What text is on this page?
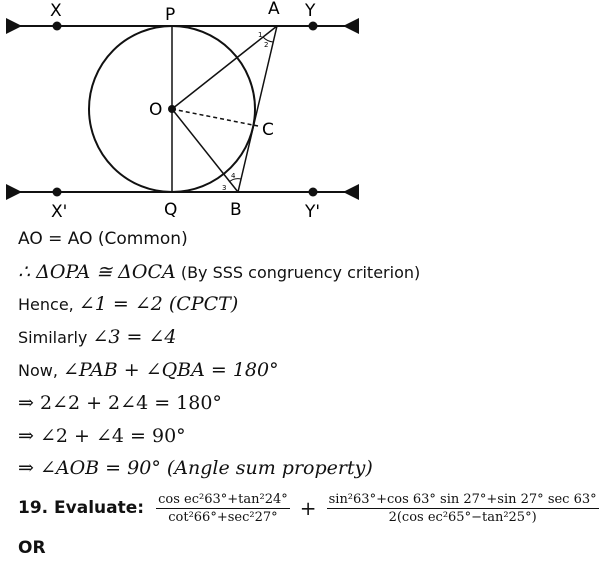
X	P	A Y
O
C
X'	Q	B	Y'
1
2
3
4
AO = AO (Common)
∴ ΔOPA ≅ ΔOCA (By SSS congruency criterion)
Hence, ∠1 = ∠2 (CPCT)
Similarly ∠3 = ∠4
Now, ∠PAB + ∠QBA = 180°
⇒ 2∠2 + 2∠4 = 180°
⇒ ∠2 + ∠4 = 90°
⇒ ∠AOB = 90° (Angle sum property)
19. Evaluate: $\frac{\text{cos ec²63°+tan²24°}}{\text{cot²66°+sec²27°}} + \frac{\text{sin²63°+cos 63° sin 27°+sin 27° sec 63°}}{\text{2(cos ec²65°−tan²25°)}}$
OR
